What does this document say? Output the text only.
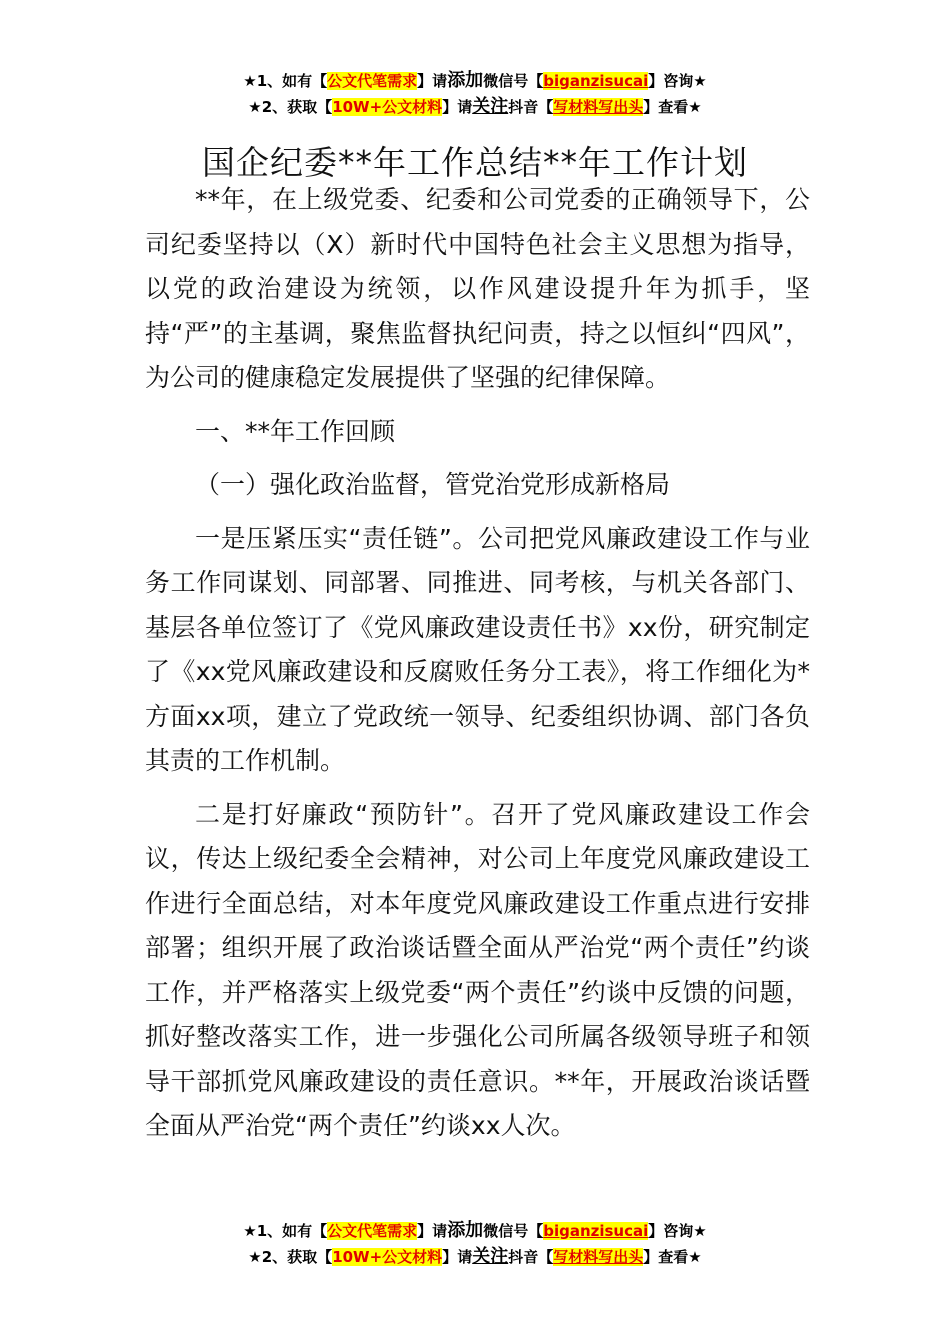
★1、如有【公文代笔需求】请添加微信号【biganzisucai】咨询★
★2、获取【10W+公文材料】请关注抖音【写材料写出头】查看★
国企纪委**年工作总结**年工作计划

**年，在上级党委、纪委和公司党委的正确领导下，公司纪委坚持以（X）新时代中国特色社会主义思想为指导，以党的政治建设为统领，以作风建设提升年为抓手，坚持“严”的主基调，聚焦监督执纪问责，持之以恒纠“四风”，为公司的健康稳定发展提供了坚强的纪律保障。

一、**年工作回顾

（一）强化政治监督，管党治党形成新格局

一是压紧压实“责任链”。公司把党风廉政建设工作与业务工作同谋划、同部署、同推进、同考核，与机关各部门、基层各单位签订了《党风廉政建设责任书》xx份，研究制定了《xx党风廉政建设和反腐败任务分工表》，将工作细化为*方面xx项，建立了党政统一领导、纪委组织协调、部门各负其责的工作机制。

二是打好廉政“预防针”。召开了党风廉政建设工作会议，传达上级纪委全会精神，对公司上年度党风廉政建设工作进行全面总结，对本年度党风廉政建设工作重点进行安排部署；组织开展了政治谈话暨全面从严治党“两个责任”约谈工作，并严格落实上级党委“两个责任”约谈中反馈的问题，抓好整改落实工作，进一步强化公司所属各级领导班子和领导干部抓党风廉政建设的责任意识。**年，开展政治谈话暨全面从严治党“两个责任”约谈xx人次。

★1、如有【公文代笔需求】请添加微信号【biganzisucai】咨询★
★2、获取【10W+公文材料】请关注抖音【写材料写出头】查看★
